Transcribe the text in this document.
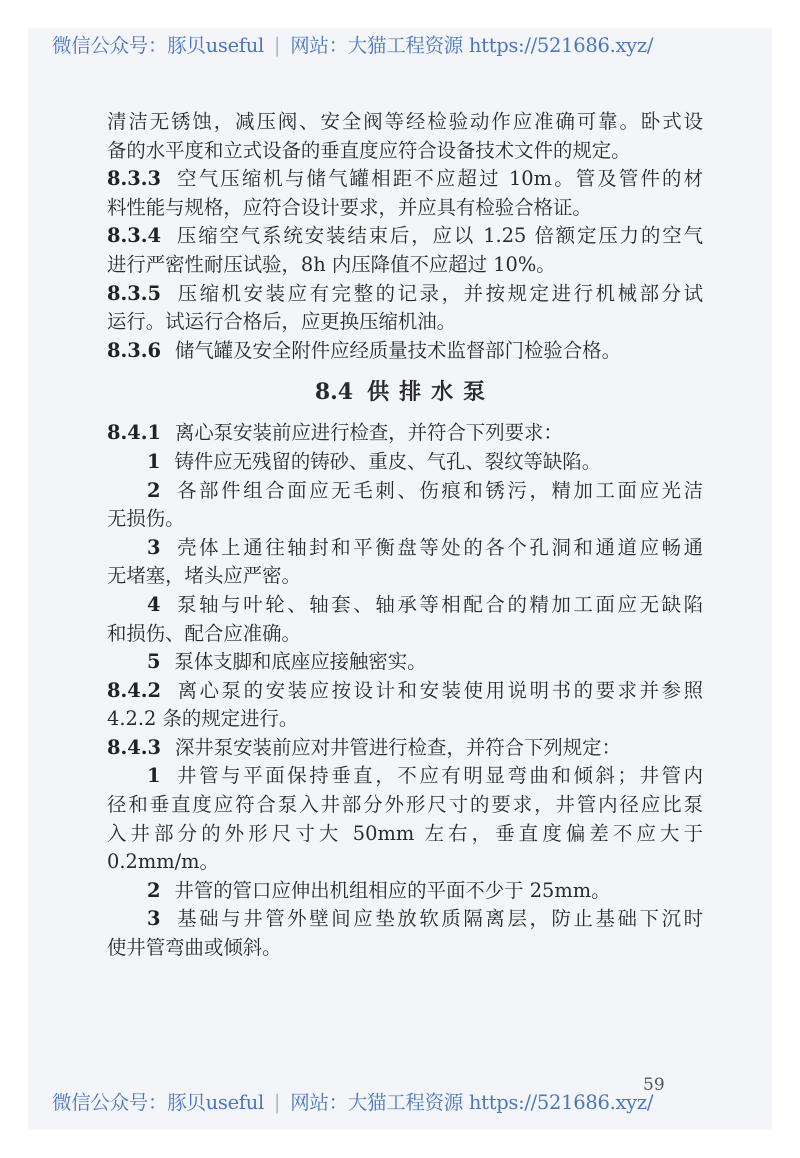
微信公众号：豚贝useful | 网站：大猫工程资源 https://521686.xyz/
清洁无锈蚀，减压阀、安全阀等经检验动作应准确可靠。卧式设
备的水平度和立式设备的垂直度应符合设备技术文件的规定。
8.3.3 空气压缩机与储气罐相距不应超过 10m。管及管件的材
料性能与规格，应符合设计要求，并应具有检验合格证。
8.3.4 压缩空气系统安装结束后，应以 1.25 倍额定压力的空气
进行严密性耐压试验，8h 内压降值不应超过 10%。
8.3.5 压缩机安装应有完整的记录，并按规定进行机械部分试
运行。试运行合格后，应更换压缩机油。
8.3.6 储气罐及安全附件应经质量技术监督部门检验合格。
8.4 供排水泵
8.4.1 离心泵安装前应进行检查，并符合下列要求：
1 铸件应无残留的铸砂、重皮、气孔、裂纹等缺陷。
2 各部件组合面应无毛刺、伤痕和锈污，精加工面应光洁
无损伤。
3 壳体上通往轴封和平衡盘等处的各个孔洞和通道应畅通
无堵塞，堵头应严密。
4 泵轴与叶轮、轴套、轴承等相配合的精加工面应无缺陷
和损伤、配合应准确。
5 泵体支脚和底座应接触密实。
8.4.2 离心泵的安装应按设计和安装使用说明书的要求并参照
4.2.2 条的规定进行。
8.4.3 深井泵安装前应对井管进行检查，并符合下列规定：
1 井管与平面保持垂直，不应有明显弯曲和倾斜；井管内
径和垂直度应符合泵入井部分外形尺寸的要求，井管内径应比泵
入井部分的外形尺寸大 50mm 左右，垂直度偏差不应大于
0.2mm/m。
2 井管的管口应伸出机组相应的平面不少于 25mm。
3 基础与井管外壁间应垫放软质隔离层，防止基础下沉时
使井管弯曲或倾斜。
59
微信公众号：豚贝useful | 网站：大猫工程资源 https://521686.xyz/
